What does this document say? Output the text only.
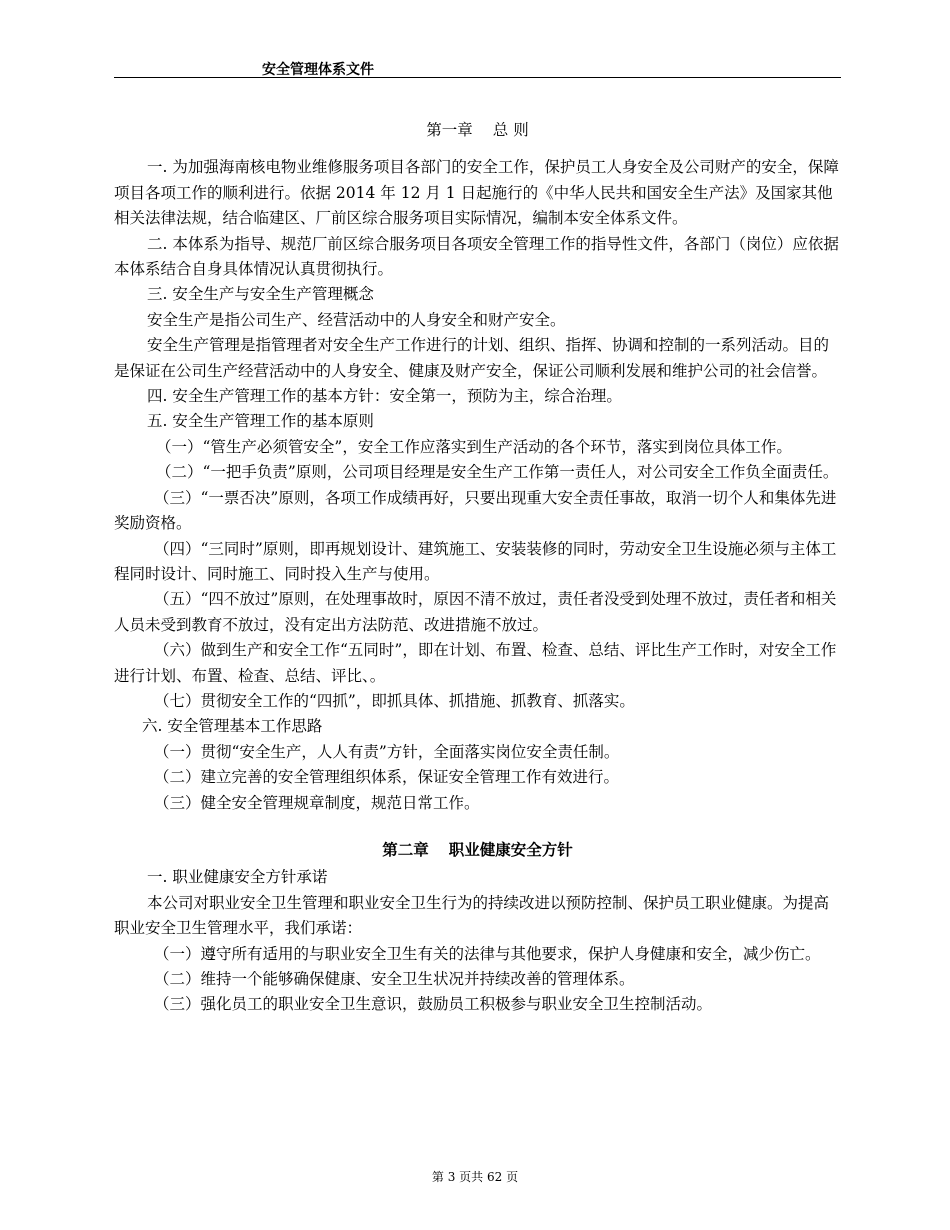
安全管理体系文件
第一章 总 则

一. 为加强海南核电物业维修服务项目各部门的安全工作，保护员工人身安全及公司财产的安全，保障项目各项工作的顺利进行。依据 2014 年 12 月 1 日起施行的《中华人民共和国安全生产法》及国家其他相关法律法规，结合临建区、厂前区综合服务项目实际情况，编制本安全体系文件。

二. 本体系为指导、规范厂前区综合服务项目各项安全管理工作的指导性文件，各部门（岗位）应依据本体系结合自身具体情况认真贯彻执行。

三. 安全生产与安全生产管理概念

安全生产是指公司生产、经营活动中的人身安全和财产安全。

安全生产管理是指管理者对安全生产工作进行的计划、组织、指挥、协调和控制的一系列活动。目的是保证在公司生产经营活动中的人身安全、健康及财产安全，保证公司顺利发展和维护公司的社会信誉。

四. 安全生产管理工作的基本方针：安全第一，预防为主，综合治理。

五. 安全生产管理工作的基本原则

（一）“管生产必须管安全”，安全工作应落实到生产活动的各个环节，落实到岗位具体工作。

（二）“一把手负责”原则，公司项目经理是安全生产工作第一责任人，对公司安全工作负全面责任。

（三）“一票否决”原则，各项工作成绩再好，只要出现重大安全责任事故，取消一切个人和集体先进奖励资格。

（四）“三同时”原则，即再规划设计、建筑施工、安装装修的同时，劳动安全卫生设施必须与主体工程同时设计、同时施工、同时投入生产与使用。

（五）“四不放过”原则，在处理事故时，原因不清不放过，责任者没受到处理不放过，责任者和相关人员未受到教育不放过，没有定出方法防范、改进措施不放过。

（六）做到生产和安全工作“五同时”，即在计划、布置、检查、总结、评比生产工作时，对安全工作进行计划、布置、检查、总结、评比、。

（七）贯彻安全工作的“四抓”，即抓具体、抓措施、抓教育、抓落实。

六. 安全管理基本工作思路

（一）贯彻“安全生产，人人有责”方针，全面落实岗位安全责任制。

（二）建立完善的安全管理组织体系，保证安全管理工作有效进行。

（三）健全安全管理规章制度，规范日常工作。

第二章 职业健康安全方针

一. 职业健康安全方针承诺

本公司对职业安全卫生管理和职业安全卫生行为的持续改进以预防控制、保护员工职业健康。为提高职业安全卫生管理水平，我们承诺：

（一）遵守所有适用的与职业安全卫生有关的法律与其他要求，保护人身健康和安全，减少伤亡。

（二）维持一个能够确保健康、安全卫生状况并持续改善的管理体系。

（三）强化员工的职业安全卫生意识，鼓励员工积极参与职业安全卫生控制活动。

第 3 页共 62 页
